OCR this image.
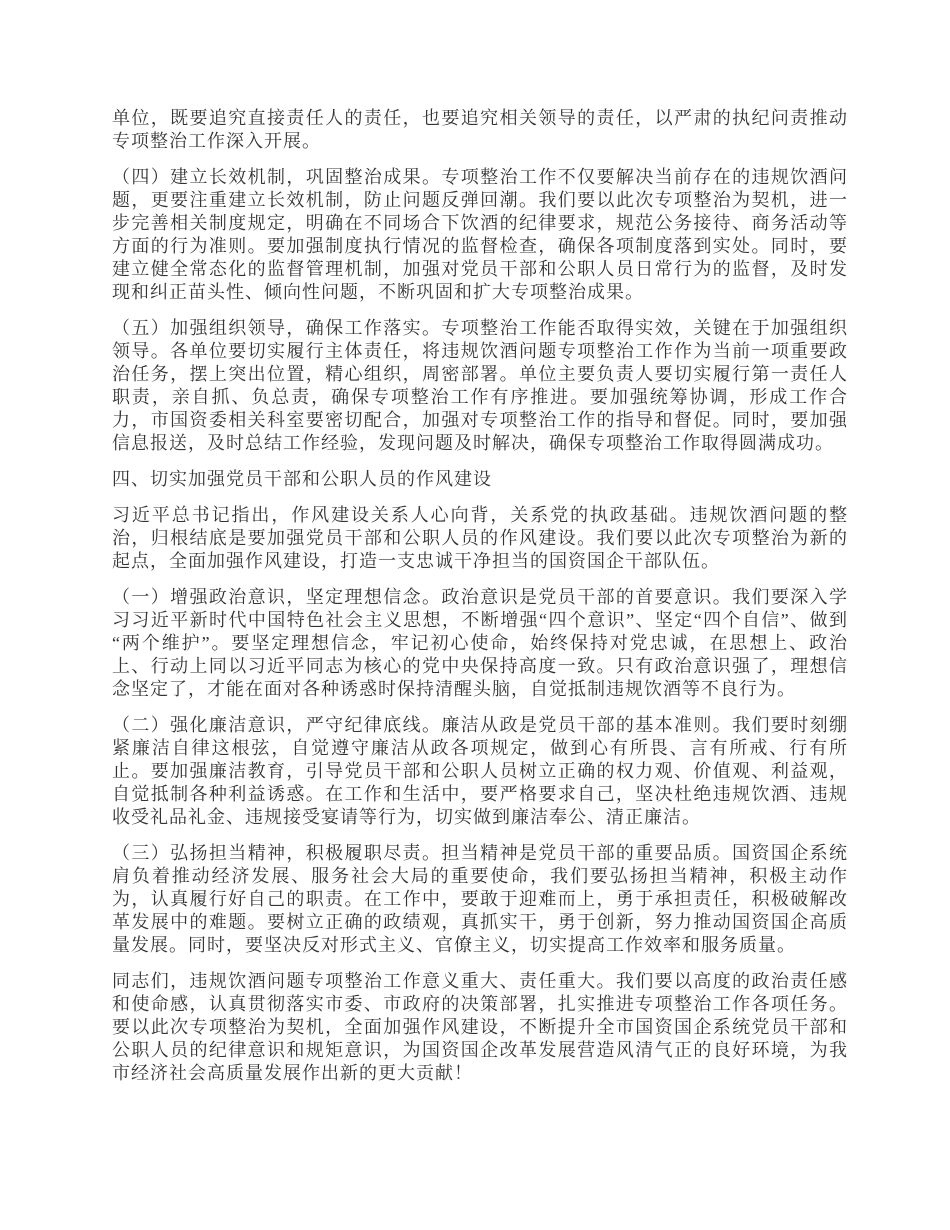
单位，既要追究直接责任人的责任，也要追究相关领导的责任，以严肃的执纪问责推动专项整治工作深入开展。

（四）建立长效机制，巩固整治成果。专项整治工作不仅要解决当前存在的违规饮酒问题，更要注重建立长效机制，防止问题反弹回潮。我们要以此次专项整治为契机，进一步完善相关制度规定，明确在不同场合下饮酒的纪律要求，规范公务接待、商务活动等方面的行为准则。要加强制度执行情况的监督检查，确保各项制度落到实处。同时，要建立健全常态化的监督管理机制，加强对党员干部和公职人员日常行为的监督，及时发现和纠正苗头性、倾向性问题，不断巩固和扩大专项整治成果。

（五）加强组织领导，确保工作落实。专项整治工作能否取得实效，关键在于加强组织领导。各单位要切实履行主体责任，将违规饮酒问题专项整治工作作为当前一项重要政治任务，摆上突出位置，精心组织，周密部署。单位主要负责人要切实履行第一责任人职责，亲自抓、负总责，确保专项整治工作有序推进。要加强统筹协调，形成工作合力，市国资委相关科室要密切配合，加强对专项整治工作的指导和督促。同时，要加强信息报送，及时总结工作经验，发现问题及时解决，确保专项整治工作取得圆满成功。

四、切实加强党员干部和公职人员的作风建设

习近平总书记指出，作风建设关系人心向背，关系党的执政基础。违规饮酒问题的整治，归根结底是要加强党员干部和公职人员的作风建设。我们要以此次专项整治为新的起点，全面加强作风建设，打造一支忠诚干净担当的国资国企干部队伍。

（一）增强政治意识，坚定理想信念。政治意识是党员干部的首要意识。我们要深入学习习近平新时代中国特色社会主义思想，不断增强“四个意识”、坚定“四个自信”、做到“两个维护”。要坚定理想信念，牢记初心使命，始终保持对党忠诚，在思想上、政治上、行动上同以习近平同志为核心的党中央保持高度一致。只有政治意识强了，理想信念坚定了，才能在面对各种诱惑时保持清醒头脑，自觉抵制违规饮酒等不良行为。

（二）强化廉洁意识，严守纪律底线。廉洁从政是党员干部的基本准则。我们要时刻绷紧廉洁自律这根弦，自觉遵守廉洁从政各项规定，做到心有所畏、言有所戒、行有所止。要加强廉洁教育，引导党员干部和公职人员树立正确的权力观、价值观、利益观，自觉抵制各种利益诱惑。在工作和生活中，要严格要求自己，坚决杜绝违规饮酒、违规收受礼品礼金、违规接受宴请等行为，切实做到廉洁奉公、清正廉洁。

（三）弘扬担当精神，积极履职尽责。担当精神是党员干部的重要品质。国资国企系统肩负着推动经济发展、服务社会大局的重要使命，我们要弘扬担当精神，积极主动作为，认真履行好自己的职责。在工作中，要敢于迎难而上，勇于承担责任，积极破解改革发展中的难题。要树立正确的政绩观，真抓实干，勇于创新，努力推动国资国企高质量发展。同时，要坚决反对形式主义、官僚主义，切实提高工作效率和服务质量。

同志们，违规饮酒问题专项整治工作意义重大、责任重大。我们要以高度的政治责任感和使命感，认真贯彻落实市委、市政府的决策部署，扎实推进专项整治工作各项任务。要以此次专项整治为契机，全面加强作风建设，不断提升全市国资国企系统党员干部和公职人员的纪律意识和规矩意识，为国资国企改革发展营造风清气正的良好环境，为我市经济社会高质量发展作出新的更大贡献！
